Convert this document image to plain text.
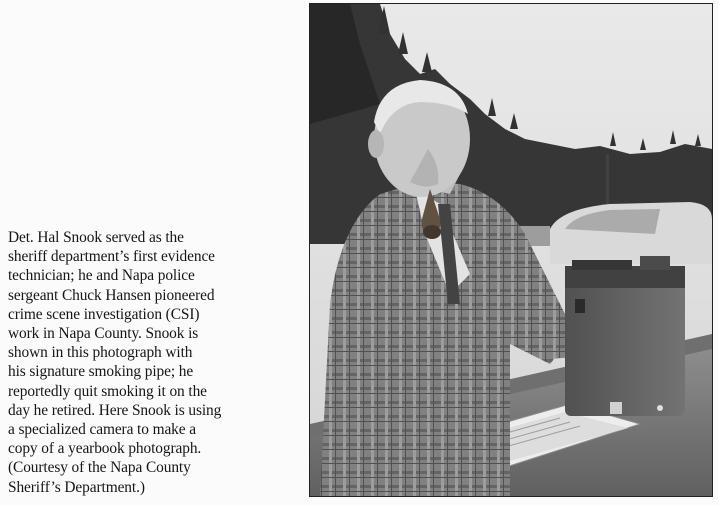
Det. Hal Snook served as the
sheriff department’s first evidence
technician; he and Napa police
sergeant Chuck Hansen pioneered
crime scene investigation (CSI)
work in Napa County. Snook is
shown in this photograph with
his signature smoking pipe; he
reportedly quit smoking it on the
day he retired. Here Snook is using
a specialized camera to make a
copy of a yearbook photograph.
(Courtesy of the Napa County
Sheriff’s Department.)
